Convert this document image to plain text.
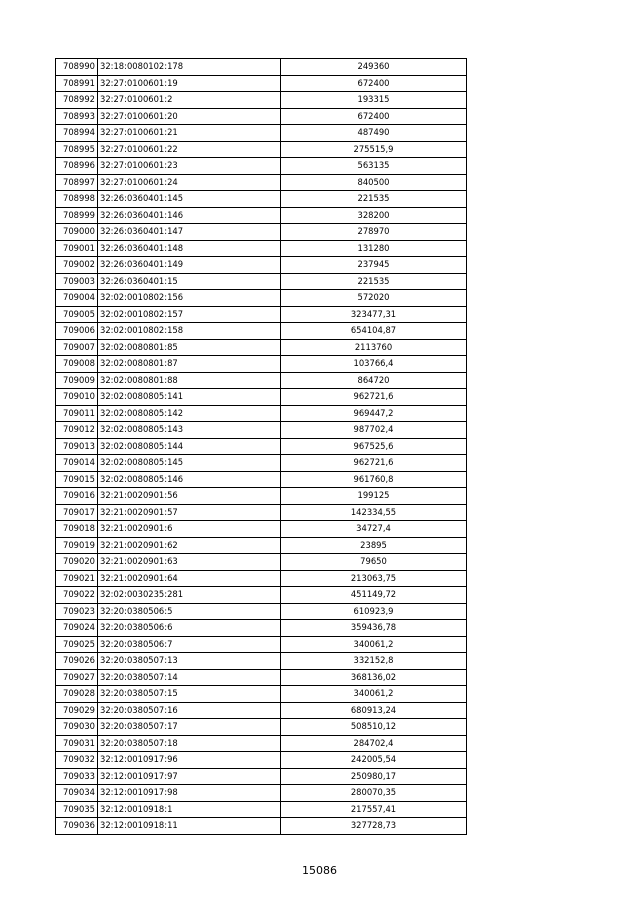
708990	32:18:0080102:178	249360
708991	32:27:0100601:19	672400
708992	32:27:0100601:2	193315
708993	32:27:0100601:20	672400
708994	32:27:0100601:21	487490
708995	32:27:0100601:22	275515,9
708996	32:27:0100601:23	563135
708997	32:27:0100601:24	840500
708998	32:26:0360401:145	221535
708999	32:26:0360401:146	328200
709000	32:26:0360401:147	278970
709001	32:26:0360401:148	131280
709002	32:26:0360401:149	237945
709003	32:26:0360401:15	221535
709004	32:02:0010802:156	572020
709005	32:02:0010802:157	323477,31
709006	32:02:0010802:158	654104,87
709007	32:02:0080801:85	2113760
709008	32:02:0080801:87	103766,4
709009	32:02:0080801:88	864720
709010	32:02:0080805:141	962721,6
709011	32:02:0080805:142	969447,2
709012	32:02:0080805:143	987702,4
709013	32:02:0080805:144	967525,6
709014	32:02:0080805:145	962721,6
709015	32:02:0080805:146	961760,8
709016	32:21:0020901:56	199125
709017	32:21:0020901:57	142334,55
709018	32:21:0020901:6	34727,4
709019	32:21:0020901:62	23895
709020	32:21:0020901:63	79650
709021	32:21:0020901:64	213063,75
709022	32:02:0030235:281	451149,72
709023	32:20:0380506:5	610923,9
709024	32:20:0380506:6	359436,78
709025	32:20:0380506:7	340061,2
709026	32:20:0380507:13	332152,8
709027	32:20:0380507:14	368136,02
709028	32:20:0380507:15	340061,2
709029	32:20:0380507:16	680913,24
709030	32:20:0380507:17	508510,12
709031	32:20:0380507:18	284702,4
709032	32:12:0010917:96	242005,54
709033	32:12:0010917:97	250980,17
709034	32:12:0010917:98	280070,35
709035	32:12:0010918:1	217557,41
709036	32:12:0010918:11	327728,73
15086
